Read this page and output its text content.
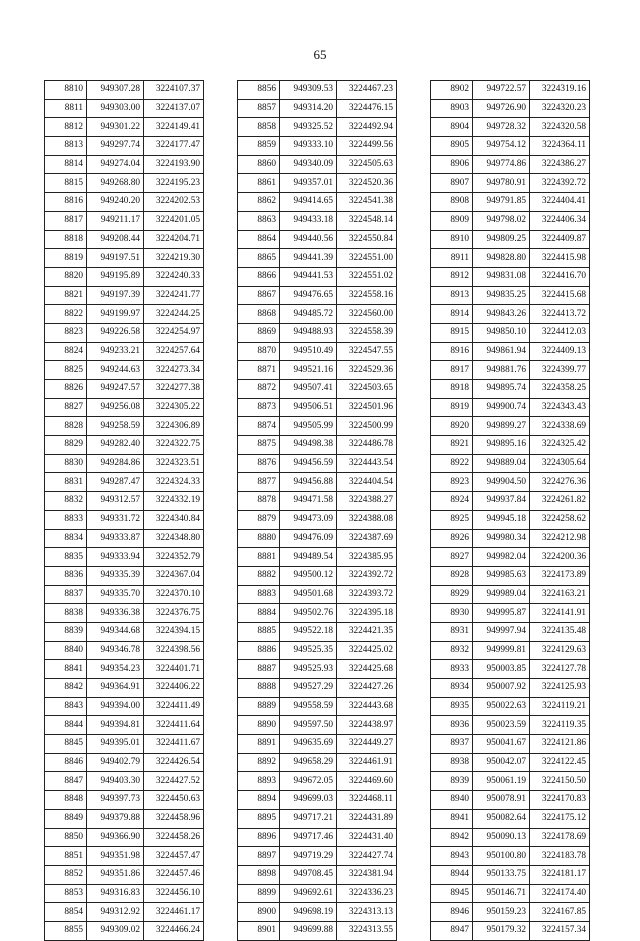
65
8810	949307.28	3224107.37
8811	949303.00	3224137.07
8812	949301.22	3224149.41
8813	949297.74	3224177.47
8814	949274.04	3224193.90
8815	949268.80	3224195.23
8816	949240.20	3224202.53
8817	949211.17	3224201.05
8818	949208.44	3224204.71
8819	949197.51	3224219.30
8820	949195.89	3224240.33
8821	949197.39	3224241.77
8822	949199.97	3224244.25
8823	949226.58	3224254.97
8824	949233.21	3224257.64
8825	949244.63	3224273.34
8826	949247.57	3224277.38
8827	949256.08	3224305.22
8828	949258.59	3224306.89
8829	949282.40	3224322.75
8830	949284.86	3224323.51
8831	949287.47	3224324.33
8832	949312.57	3224332.19
8833	949331.72	3224340.84
8834	949333.87	3224348.80
8835	949333.94	3224352.79
8836	949335.39	3224367.04
8837	949335.70	3224370.10
8838	949336.38	3224376.75
8839	949344.68	3224394.15
8840	949346.78	3224398.56
8841	949354.23	3224401.71
8842	949364.91	3224406.22
8843	949394.00	3224411.49
8844	949394.81	3224411.64
8845	949395.01	3224411.67
8846	949402.79	3224426.54
8847	949403.30	3224427.52
8848	949397.73	3224450.63
8849	949379.88	3224458.96
8850	949366.90	3224458.26
8851	949351.98	3224457.47
8852	949351.86	3224457.46
8853	949316.83	3224456.10
8854	949312.92	3224461.17
8855	949309.02	3224466.24
8856	949309.53	3224467.23
8857	949314.20	3224476.15
8858	949325.52	3224492.94
8859	949333.10	3224499.56
8860	949340.09	3224505.63
8861	949357.01	3224520.36
8862	949414.65	3224541.38
8863	949433.18	3224548.14
8864	949440.56	3224550.84
8865	949441.39	3224551.00
8866	949441.53	3224551.02
8867	949476.65	3224558.16
8868	949485.72	3224560.00
8869	949488.93	3224558.39
8870	949510.49	3224547.55
8871	949521.16	3224529.36
8872	949507.41	3224503.65
8873	949506.51	3224501.96
8874	949505.99	3224500.99
8875	949498.38	3224486.78
8876	949456.59	3224443.54
8877	949456.88	3224404.54
8878	949471.58	3224388.27
8879	949473.09	3224388.08
8880	949476.09	3224387.69
8881	949489.54	3224385.95
8882	949500.12	3224392.72
8883	949501.68	3224393.72
8884	949502.76	3224395.18
8885	949522.18	3224421.35
8886	949525.35	3224425.02
8887	949525.93	3224425.68
8888	949527.29	3224427.26
8889	949558.59	3224443.68
8890	949597.50	3224438.97
8891	949635.69	3224449.27
8892	949658.29	3224461.91
8893	949672.05	3224469.60
8894	949699.03	3224468.11
8895	949717.21	3224431.89
8896	949717.46	3224431.40
8897	949719.29	3224427.74
8898	949708.45	3224381.94
8899	949692.61	3224336.23
8900	949698.19	3224313.13
8901	949699.88	3224313.55
8902	949722.57	3224319.16
8903	949726.90	3224320.23
8904	949728.32	3224320.58
8905	949754.12	3224364.11
8906	949774.86	3224386.27
8907	949780.91	3224392.72
8908	949791.85	3224404.41
8909	949798.02	3224406.34
8910	949809.25	3224409.87
8911	949828.80	3224415.98
8912	949831.08	3224416.70
8913	949835.25	3224415.68
8914	949843.26	3224413.72
8915	949850.10	3224412.03
8916	949861.94	3224409.13
8917	949881.76	3224399.77
8918	949895.74	3224358.25
8919	949900.74	3224343.43
8920	949899.27	3224338.69
8921	949895.16	3224325.42
8922	949889.04	3224305.64
8923	949904.50	3224276.36
8924	949937.84	3224261.82
8925	949945.18	3224258.62
8926	949980.34	3224212.98
8927	949982.04	3224200.36
8928	949985.63	3224173.89
8929	949989.04	3224163.21
8930	949995.87	3224141.91
8931	949997.94	3224135.48
8932	949999.81	3224129.63
8933	950003.85	3224127.78
8934	950007.92	3224125.93
8935	950022.63	3224119.21
8936	950023.59	3224119.35
8937	950041.67	3224121.86
8938	950042.07	3224122.45
8939	950061.19	3224150.50
8940	950078.91	3224170.83
8941	950082.64	3224175.12
8942	950090.13	3224178.69
8943	950100.80	3224183.78
8944	950133.75	3224181.17
8945	950146.71	3224174.40
8946	950159.23	3224167.85
8947	950179.32	3224157.34
